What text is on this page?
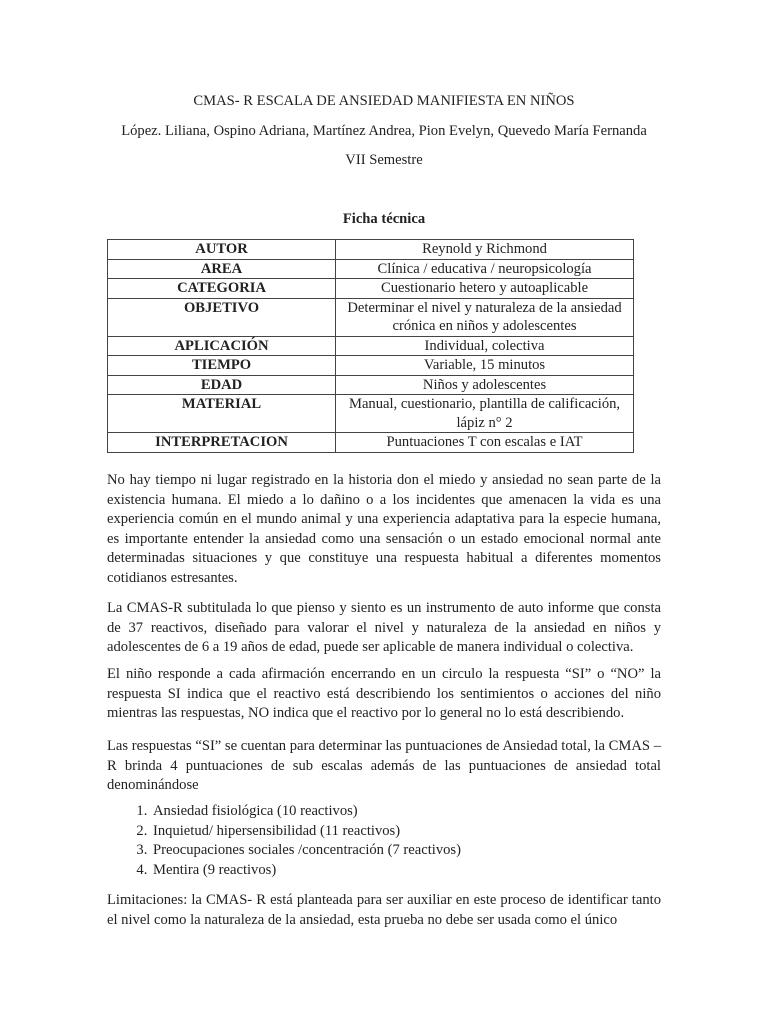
CMAS- R ESCALA DE ANSIEDAD MANIFIESTA EN NIÑOS
López. Liliana, Ospino Adriana, Martínez Andrea, Pion Evelyn, Quevedo María Fernanda
VII Semestre
Ficha técnica
AUTOR	Reynold y Richmond
AREA	Clínica / educativa / neuropsicología
CATEGORIA	Cuestionario hetero y autoaplicable
OBJETIVO	Determinar el nivel y naturaleza de la ansiedad crónica en niños y adolescentes
APLICACIÓN	Individual, colectiva
TIEMPO	Variable, 15 minutos
EDAD	Niños y adolescentes
MATERIAL	Manual, cuestionario, plantilla de calificación, lápiz n° 2
INTERPRETACION	Puntuaciones T con escalas e IAT

No hay tiempo ni lugar registrado en la historia don el miedo y ansiedad no sean parte de la existencia humana. El miedo a lo dañino o a los incidentes que amenacen la vida es una experiencia común en el mundo animal y una experiencia adaptativa para la especie humana, es importante entender la ansiedad como una sensación o un estado emocional normal ante determinadas situaciones y que constituye una respuesta habitual a diferentes momentos cotidianos estresantes.

La CMAS-R subtitulada lo que pienso y siento es un instrumento de auto informe que consta de 37 reactivos, diseñado para valorar el nivel y naturaleza de la ansiedad en niños y adolescentes de 6 a 19 años de edad, puede ser aplicable de manera individual o colectiva.

El niño responde a cada afirmación encerrando en un circulo la respuesta “SI” o “NO” la respuesta SI indica que el reactivo está describiendo los sentimientos o acciones del niño mientras las respuestas, NO indica que el reactivo por lo general no lo está describiendo.

Las respuestas “SI” se cuentan para determinar las puntuaciones de Ansiedad total, la CMAS – R brinda 4 puntuaciones de sub escalas además de las puntuaciones de ansiedad total denominándose

1. Ansiedad fisiológica (10 reactivos)
2. Inquietud/ hipersensibilidad (11 reactivos)
3. Preocupaciones sociales /concentración (7 reactivos)
4. Mentira (9 reactivos)

Limitaciones: la CMAS- R está planteada para ser auxiliar en este proceso de identificar tanto el nivel como la naturaleza de la ansiedad, esta prueba no debe ser usada como el único
